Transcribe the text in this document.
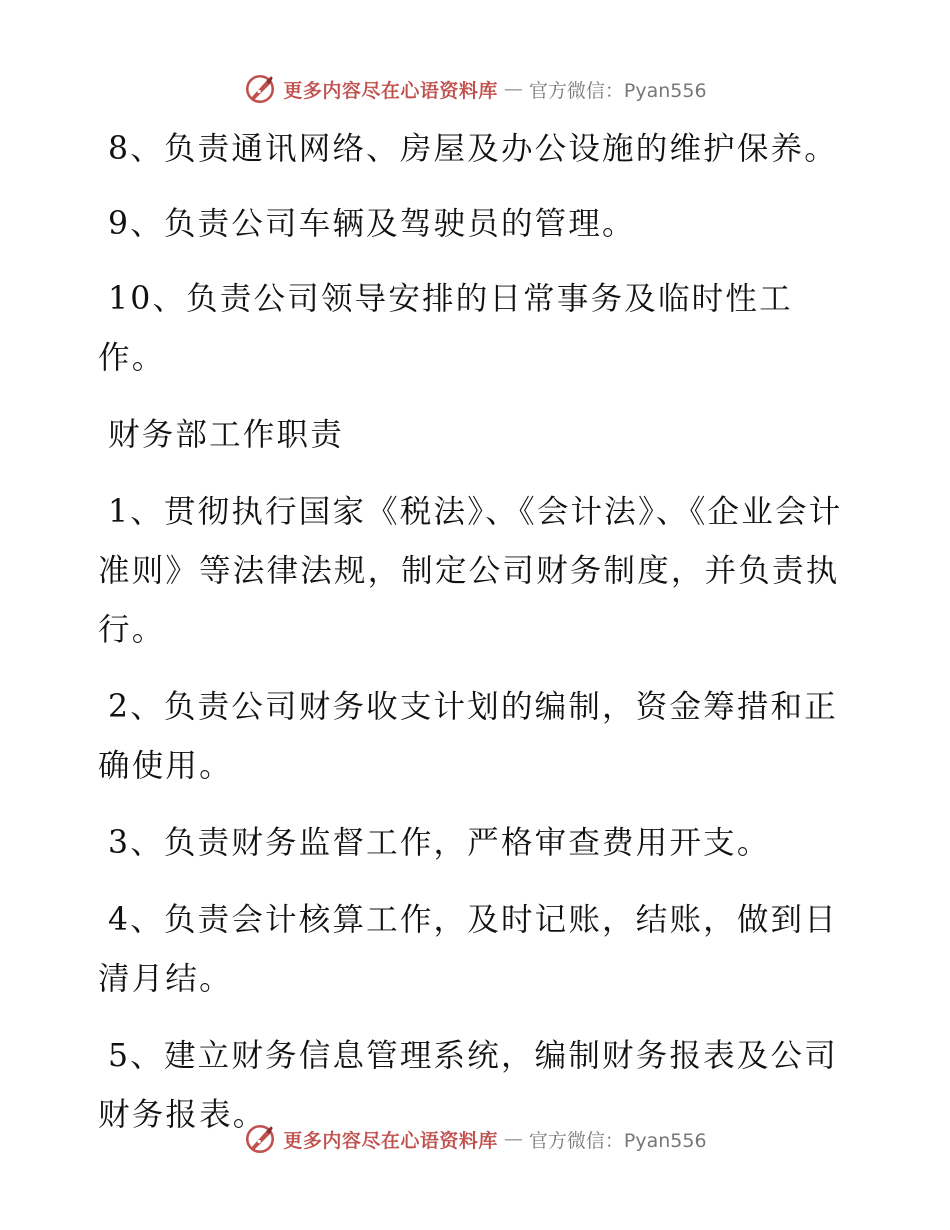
更多内容尽在心语资料库 — 官方微信：Pyan556

8、负责通讯网络、房屋及办公设施的维护保养。

9、负责公司车辆及驾驶员的管理。

10、负责公司领导安排的日常事务及临时性工作。

财务部工作职责

1、贯彻执行国家《税法》、《会计法》、《企业会计准则》等法律法规，制定公司财务制度，并负责执行。

2、负责公司财务收支计划的编制，资金筹措和正确使用。

3、负责财务监督工作，严格审查费用开支。

4、负责会计核算工作，及时记账，结账，做到日清月结。

5、建立财务信息管理系统，编制财务报表及公司财务报表。

更多内容尽在心语资料库 — 官方微信：Pyan556
